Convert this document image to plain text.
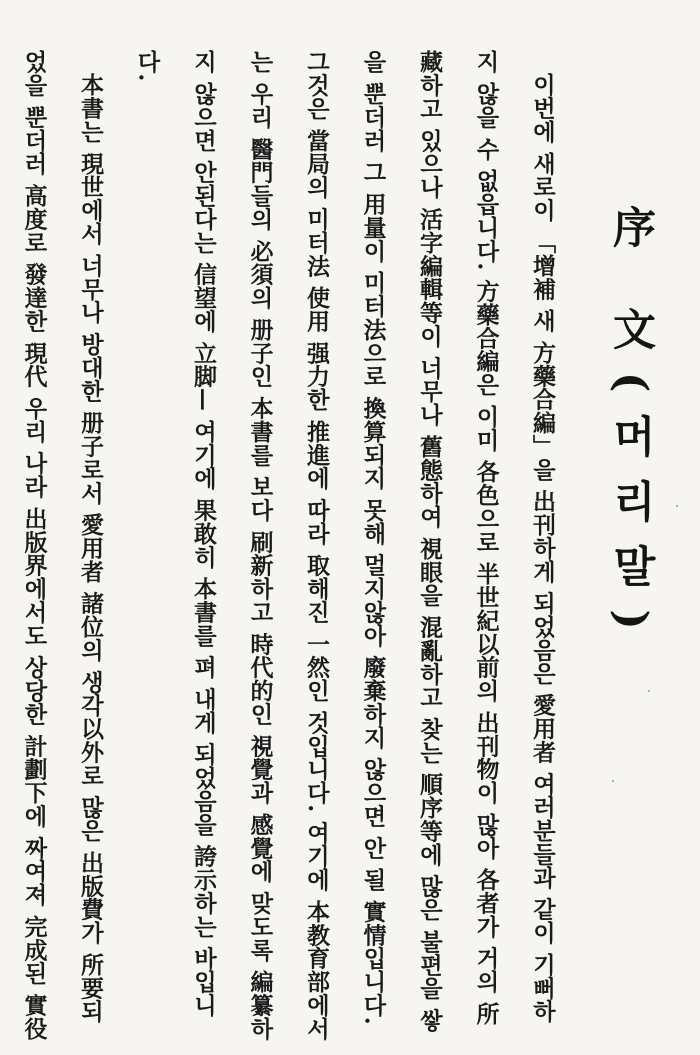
序 文(머리말)

이번에 새로이 「增補 새 方藥合編」을 出刊하게 되었음은 愛用者 여러분들과 같이 기뻐하지 않을 수 없읍니다. 方藥合編은 이미 各色으로 半世紀以前의 出刊物이 많아 各者가 거의 所藏하고 있으나 活字編輯等이 너무나 舊態하여 視眼을 混亂하고 찾는 順序等에 많은 불편을 쌓을 뿐더러 그 用量이 미터法으로 換算되지 못해 멀지않아 廢棄하지 않으면 안 될 實情입니다. 그것은 當局의 미터法 使用 强力한 推進에 따라 取해진 一然인 것입니다. 여기에 本教育部에서는 우리 醫門들의 必須의 册子인 本書를 보다 刷新하고 時代的인 視覺과 感覺에 맞도록 編纂하지 않으면 안된다는 信望에 立脚— 여기에 果敢히 本書를 펴 내게 되었음을 誇示하는 바입니다.

本書는 現世에서 너무나 방대한 册子로서 愛用者 諸位의 생각以外로 많은 出版費가 所要되었을 뿐더러 高度로 發達한 現代 우리 나라 出版界에서도 상당한 計劃下에 짜여져 完成된 實役
